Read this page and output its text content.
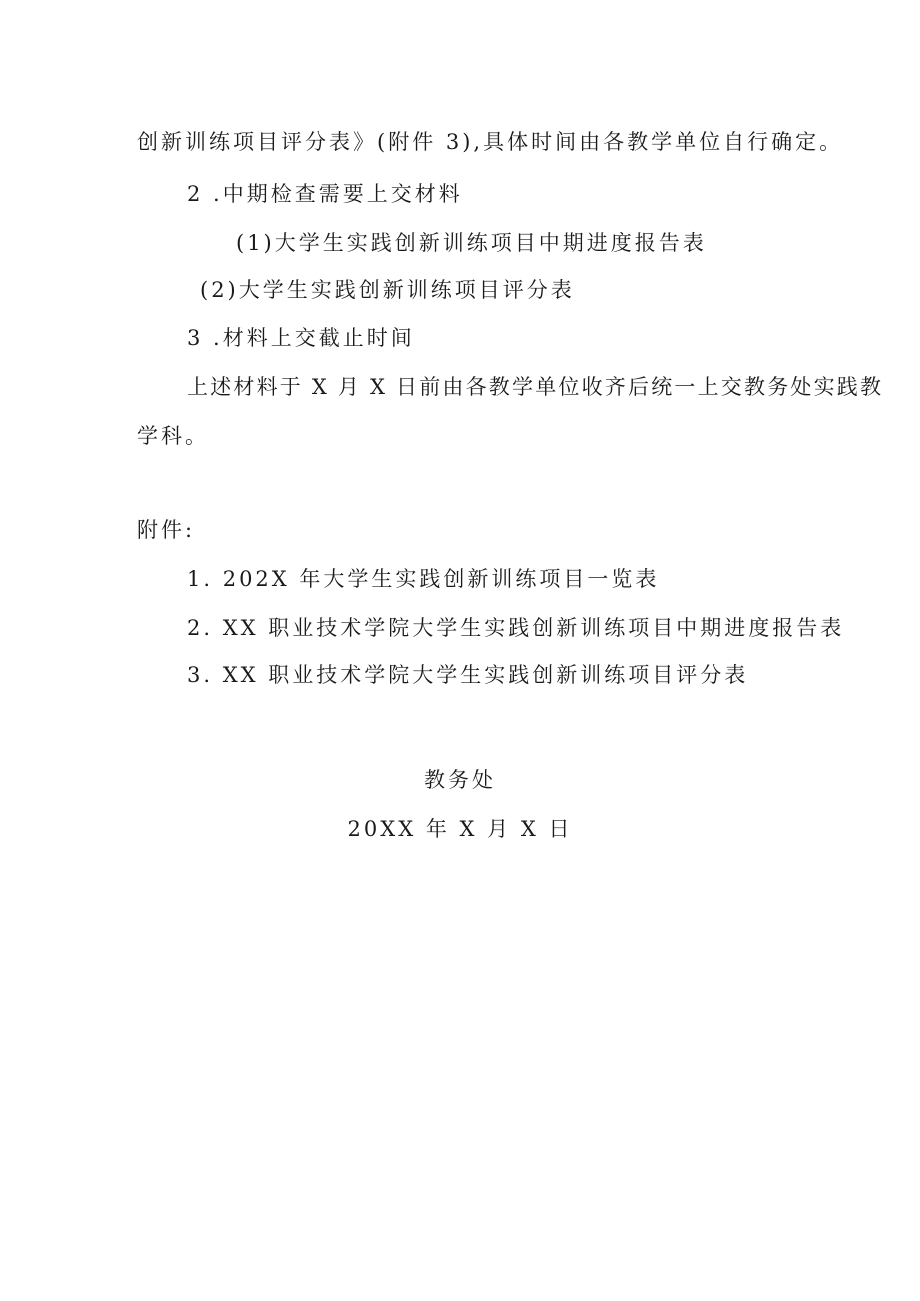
创新训练项目评分表》(附件 3),具体时间由各教学单位自行确定。
2 .中期检查需要上交材料
(1)大学生实践创新训练项目中期进度报告表
(2)大学生实践创新训练项目评分表
3 .材料上交截止时间
上述材料于 X 月 X 日前由各教学单位收齐后统一上交教务处实践教
学科。
附件:
1. 202X 年大学生实践创新训练项目一览表
2. XX 职业技术学院大学生实践创新训练项目中期进度报告表
3. XX 职业技术学院大学生实践创新训练项目评分表
教务处
20XX 年 X 月 X 日
